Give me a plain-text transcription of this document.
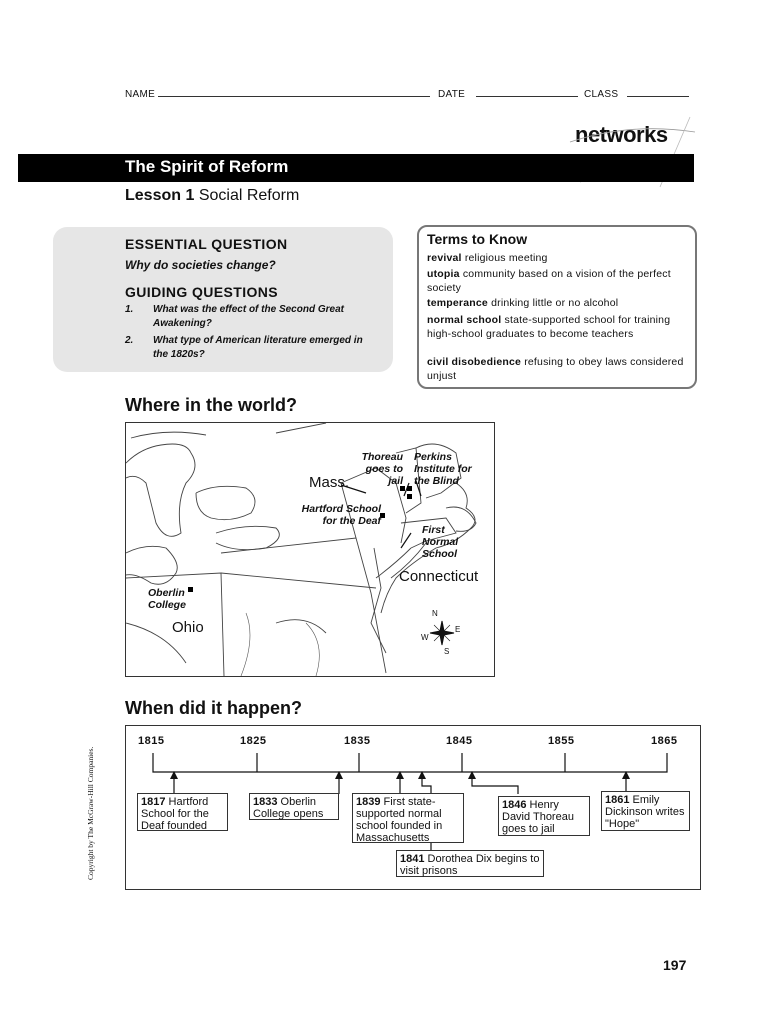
NAME	DATE	CLASS
networks
The Spirit of Reform
Lesson 1 Social Reform
ESSENTIAL QUESTION
Why do societies change?
GUIDING QUESTIONS
1. What was the effect of the Second Great Awakening?
2. What type of American literature emerged in the 1820s?
Terms to Know
revival religious meeting
utopia community based on a vision of the perfect society
temperance drinking little or no alcohol
normal school state-supported school for training high-school graduates to become teachers
civil disobedience refusing to obey laws considered unjust
Where in the world?
Thoreau goes to jail
Perkins Institute for the Blind
Mass.
Hartford School for the Deaf
First Normal School
Connecticut
Oberlin College
Ohio
N
S
E
W
When did it happen?
1815	1825	1835	1845	1855	1865
1817 Hartford School for the Deaf founded
1833 Oberlin College opens
1839 First state-supported normal school founded in Massachusetts
1841 Dorothea Dix begins to visit prisons
1846 Henry David Thoreau goes to jail
1861 Emily Dickinson writes "Hope"
Copyright by The McGraw-Hill Companies.
197
